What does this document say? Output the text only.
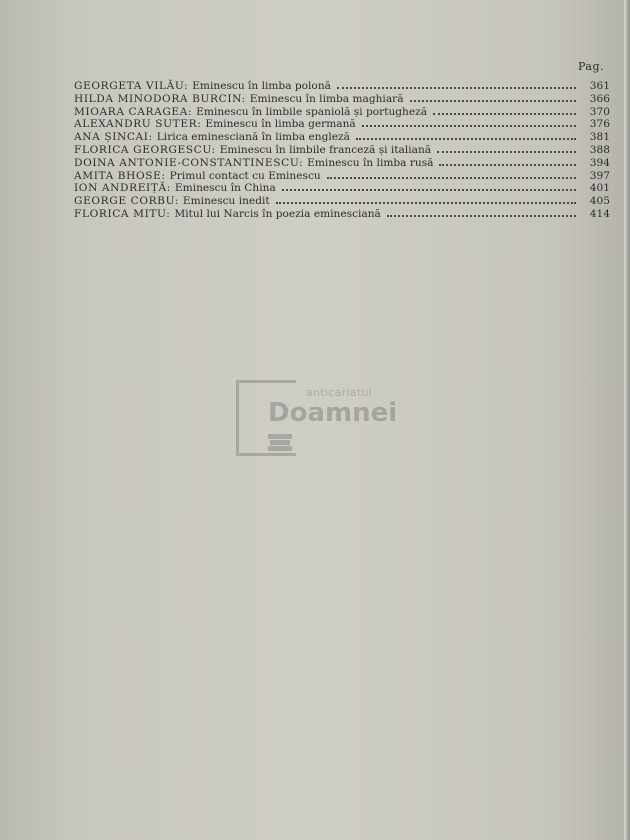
Pag.
GEORGETA VILĂU: Eminescu în limba polonă	361
HILDA MINODORA BURCIN: Eminescu în limba maghiară	366
MIOARA CARAGEA: Eminescu în limbile spaniolă și portugheză	370
ALEXANDRU SUTER: Eminescu în limba germană	376
ANA ȘINCAI: Lirica eminesciană în limba engleză	381
FLORICA GEORGESCU: Eminescu în limbile franceză și italiană	388
DOINA ANTONIE-CONSTANTINESCU: Eminescu în limba rusă	394
AMITA BHOSE: Primul contact cu Eminescu	397
ION ANDREIȚĂ: Eminescu în China	401
GEORGE CORBU: Eminescu inedit	405
FLORICA MITU: Mitul lui Narcis în poezia eminesciană	414
anticariatul
Doamnei
